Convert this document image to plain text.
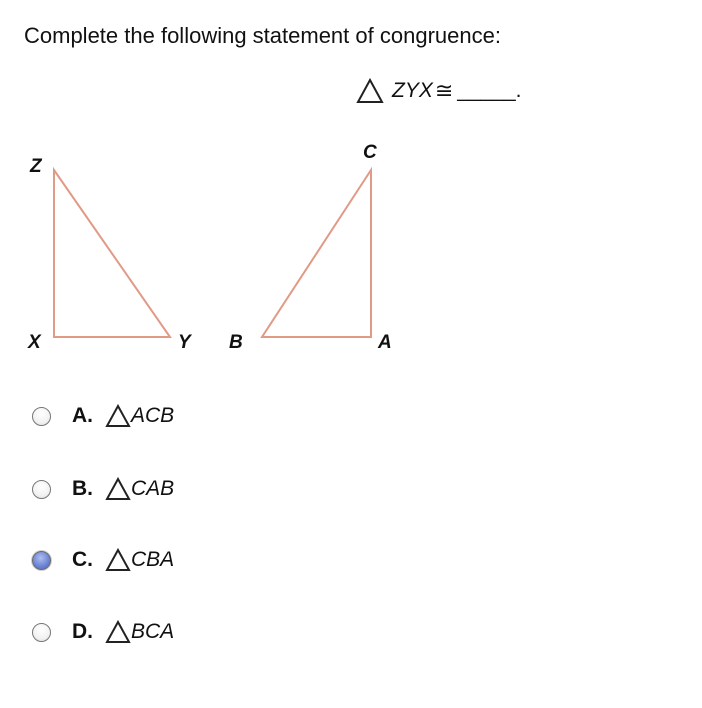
Complete the following statement of congruence:
ZYX ≅ _____.
Z
X	Y
C
B	A
A. ACB
B. CAB
C. CBA
D. BCA
